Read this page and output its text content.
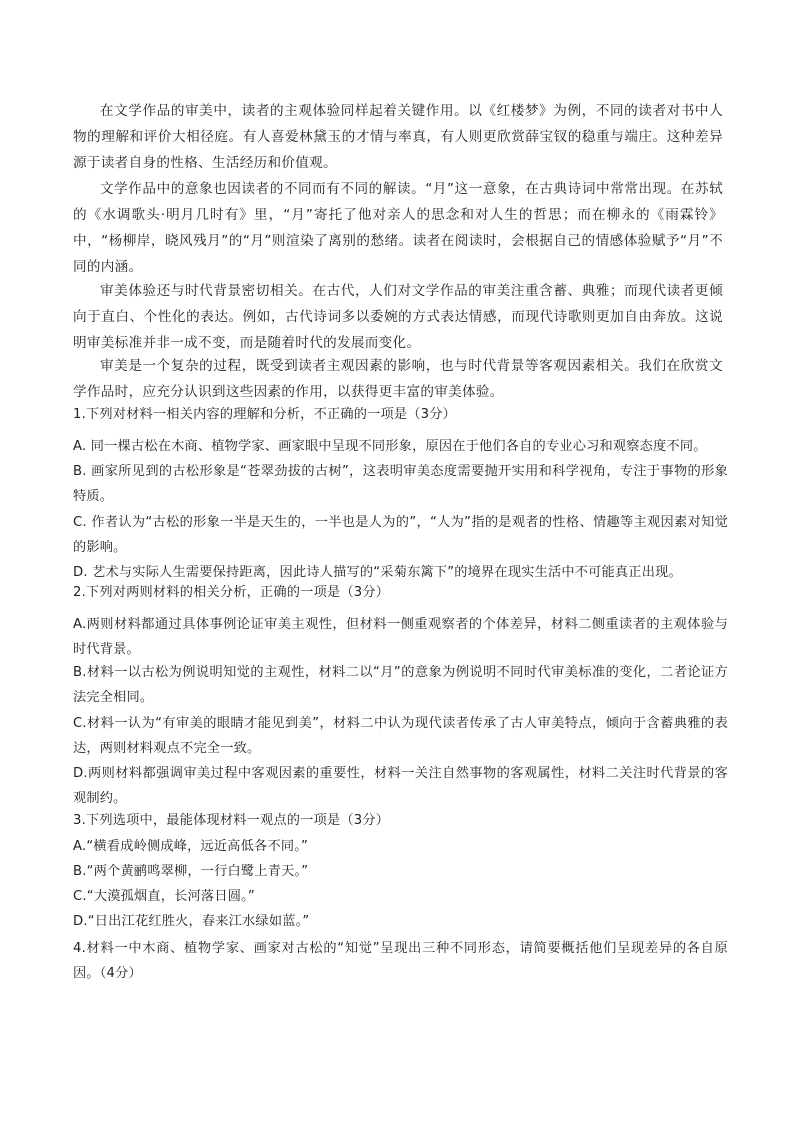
在文学作品的审美中，读者的主观体验同样起着关键作用。以《红楼梦》为例，不同的读者对书中人物的理解和评价大相径庭。有人喜爱林黛玉的才情与率真，有人则更欣赏薛宝钗的稳重与端庄。这种差异源于读者自身的性格、生活经历和价值观。
文学作品中的意象也因读者的不同而有不同的解读。“月”这一意象，在古典诗词中常常出现。在苏轼的《水调歌头·明月几时有》里，“月”寄托了他对亲人的思念和对人生的哲思；而在柳永的《雨霖铃》中，“杨柳岸，晓风残月”的“月”则渲染了离别的愁绪。读者在阅读时，会根据自己的情感体验赋予“月”不同的内涵。
审美体验还与时代背景密切相关。在古代，人们对文学作品的审美注重含蓄、典雅；而现代读者更倾向于直白、个性化的表达。例如，古代诗词多以委婉的方式表达情感，而现代诗歌则更加自由奔放。这说明审美标准并非一成不变，而是随着时代的发展而变化。
审美是一个复杂的过程，既受到读者主观因素的影响，也与时代背景等客观因素相关。我们在欣赏文学作品时，应充分认识到这些因素的作用，以获得更丰富的审美体验。
1.下列对材料一相关内容的理解和分析，不正确的一项是（3分）
A. 同一棵古松在木商、植物学家、画家眼中呈现不同形象，原因在于他们各自的专业心习和观察态度不同。
B. 画家所见到的古松形象是“苍翠劲拔的古树”，这表明审美态度需要抛开实用和科学视角，专注于事物的形象特质。
C. 作者认为“古松的形象一半是天生的，一半也是人为的”，“人为”指的是观者的性格、情趣等主观因素对知觉的影响。
D. 艺术与实际人生需要保持距离，因此诗人描写的“采菊东篱下”的境界在现实生活中不可能真正出现。
2.下列对两则材料的相关分析，正确的一项是（3分）
A.两则材料都通过具体事例论证审美主观性，但材料一侧重观察者的个体差异，材料二侧重读者的主观体验与时代背景。
B.材料一以古松为例说明知觉的主观性，材料二以“月”的意象为例说明不同时代审美标准的变化，二者论证方法完全相同。
C.材料一认为“有审美的眼睛才能见到美”，材料二中认为现代读者传承了古人审美特点，倾向于含蓄典雅的表达，两则材料观点不完全一致。
D.两则材料都强调审美过程中客观因素的重要性，材料一关注自然事物的客观属性，材料二关注时代背景的客观制约。
3.下列选项中，最能体现材料一观点的一项是（3分）
A.“横看成岭侧成峰，远近高低各不同。”
B.“两个黄鹂鸣翠柳，一行白鹭上青天。”
C.“大漠孤烟直，长河落日圆。”
D.“日出江花红胜火，春来江水绿如蓝。”
4.材料一中木商、植物学家、画家对古松的“知觉”呈现出三种不同形态，请简要概括他们呈现差异的各自原因。（4分）
